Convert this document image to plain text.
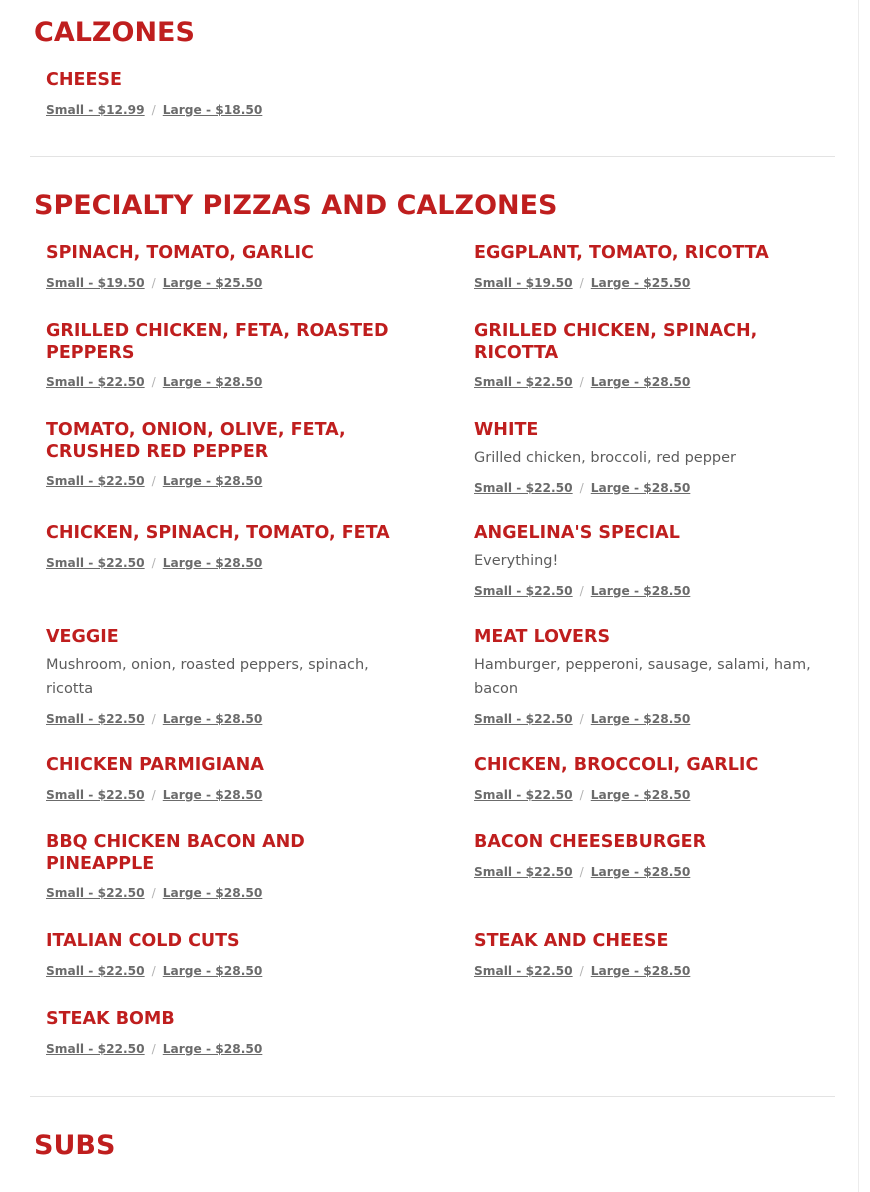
CALZONES
CHEESE
Small - $12.99 / Large - $18.50
SPECIALTY PIZZAS AND CALZONES
SPINACH, TOMATO, GARLIC
Small - $19.50 / Large - $25.50
EGGPLANT, TOMATO, RICOTTA
Small - $19.50 / Large - $25.50
GRILLED CHICKEN, FETA, ROASTED PEPPERS
Small - $22.50 / Large - $28.50
GRILLED CHICKEN, SPINACH, RICOTTA
Small - $22.50 / Large - $28.50
TOMATO, ONION, OLIVE, FETA, CRUSHED RED PEPPER
Small - $22.50 / Large - $28.50
WHITE

Grilled chicken, broccoli, red pepper

Small - $22.50 / Large - $28.50
CHICKEN, SPINACH, TOMATO, FETA
Small - $22.50 / Large - $28.50
ANGELINA'S SPECIAL

Everything!

Small - $22.50 / Large - $28.50
VEGGIE

Mushroom, onion, roasted peppers, spinach, ricotta

Small - $22.50 / Large - $28.50
MEAT LOVERS

Hamburger, pepperoni, sausage, salami, ham, bacon

Small - $22.50 / Large - $28.50
CHICKEN PARMIGIANA
Small - $22.50 / Large - $28.50
CHICKEN, BROCCOLI, GARLIC
Small - $22.50 / Large - $28.50
BBQ CHICKEN BACON AND PINEAPPLE
Small - $22.50 / Large - $28.50
BACON CHEESEBURGER
Small - $22.50 / Large - $28.50
ITALIAN COLD CUTS
Small - $22.50 / Large - $28.50
STEAK AND CHEESE
Small - $22.50 / Large - $28.50
STEAK BOMB
Small - $22.50 / Large - $28.50
SUBS
